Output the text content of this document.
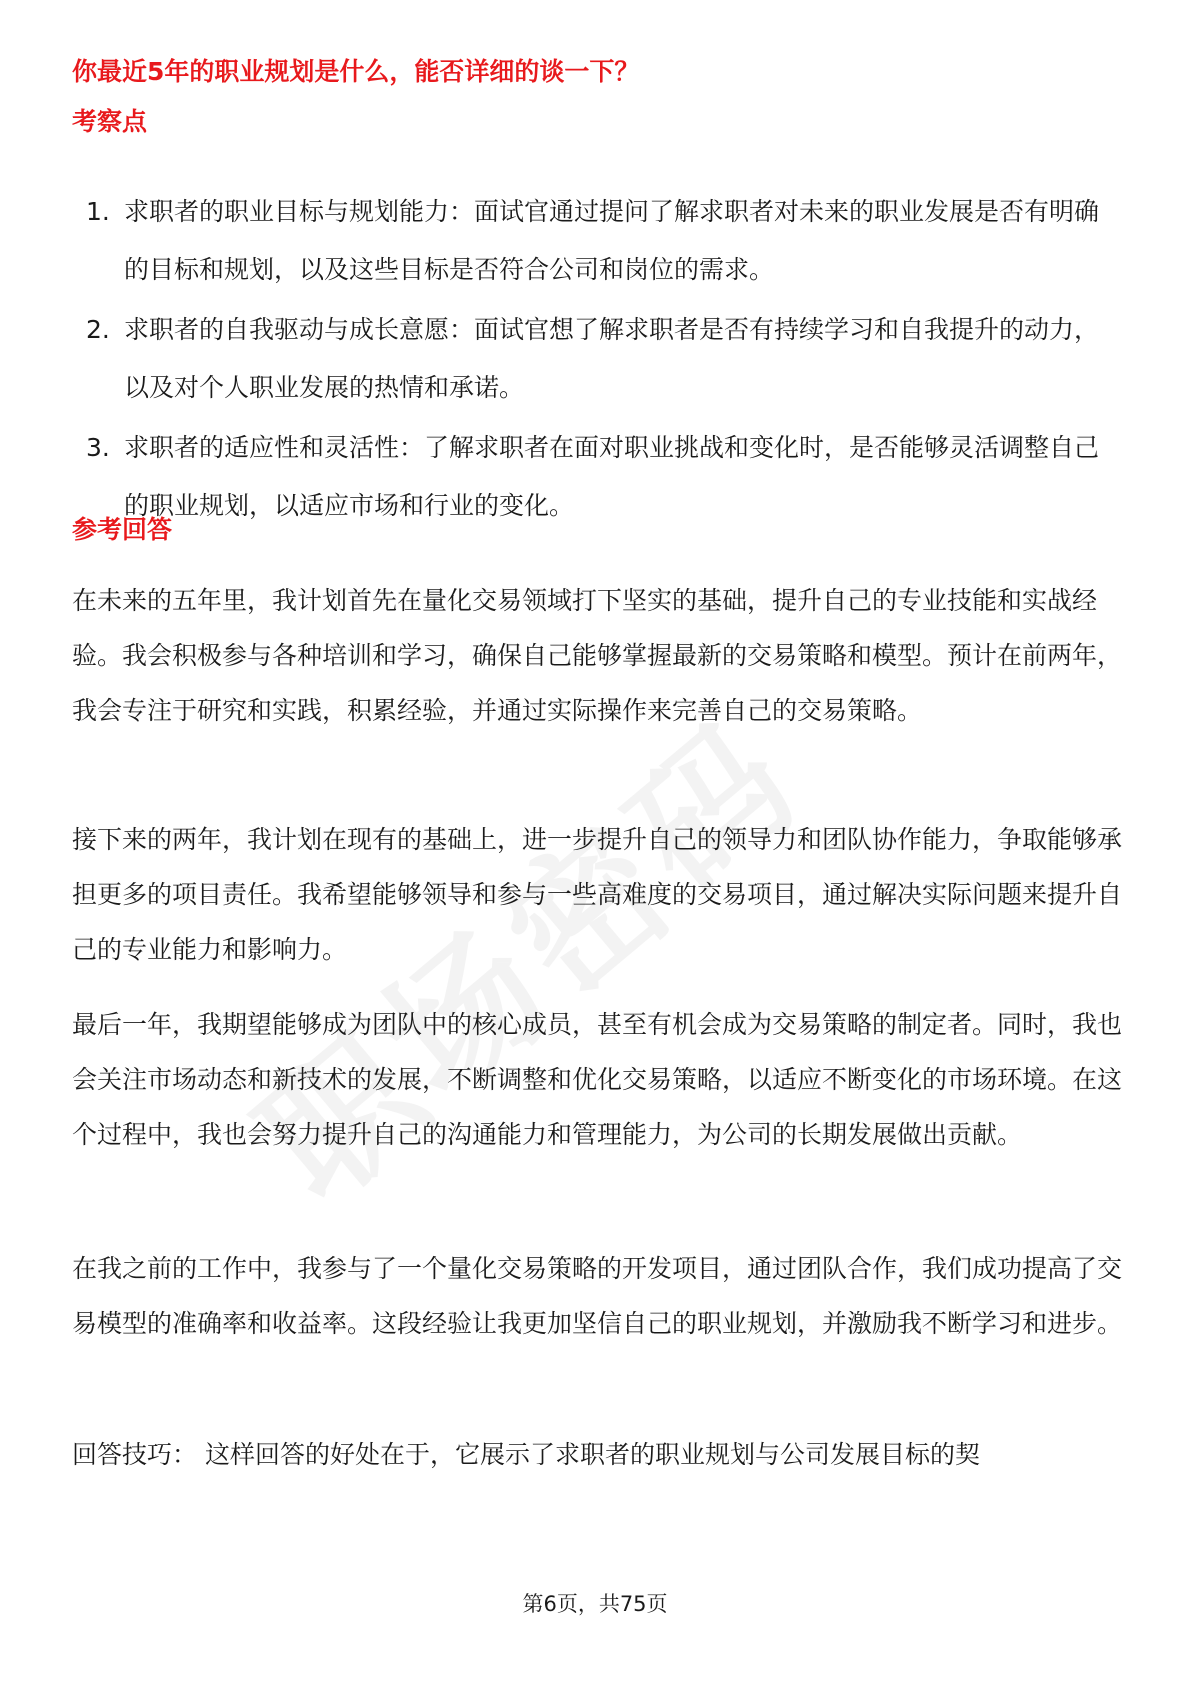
你最近5年的职业规划是什么，能否详细的谈一下？
考察点
1. 求职者的职业目标与规划能力：面试官通过提问了解求职者对未来的职业发展是否有明确的目标和规划，以及这些目标是否符合公司和岗位的需求。
2. 求职者的自我驱动与成长意愿：面试官想了解求职者是否有持续学习和自我提升的动力，以及对个人职业发展的热情和承诺。
3. 求职者的适应性和灵活性：了解求职者在面对职业挑战和变化时，是否能够灵活调整自己的职业规划，以适应市场和行业的变化。
参考回答

在未来的五年里，我计划首先在量化交易领域打下坚实的基础，提升自己的专业技能和实战经验。我会积极参与各种培训和学习，确保自己能够掌握最新的交易策略和模型。预计在前两年，我会专注于研究和实践，积累经验，并通过实际操作来完善自己的交易策略。

接下来的两年，我计划在现有的基础上，进一步提升自己的领导力和团队协作能力，争取能够承担更多的项目责任。我希望能够领导和参与一些高难度的交易项目，通过解决实际问题来提升自己的专业能力和影响力。

最后一年，我期望能够成为团队中的核心成员，甚至有机会成为交易策略的制定者。同时，我也会关注市场动态和新技术的发展，不断调整和优化交易策略，以适应不断变化的市场环境。在这个过程中，我也会努力提升自己的沟通能力和管理能力，为公司的长期发展做出贡献。

在我之前的工作中，我参与了一个量化交易策略的开发项目，通过团队合作，我们成功提高了交易模型的准确率和收益率。这段经验让我更加坚信自己的职业规划，并激励我不断学习和进步。

回答技巧： 这样回答的好处在于，它展示了求职者的职业规划与公司发展目标的契

第6页，共75页
